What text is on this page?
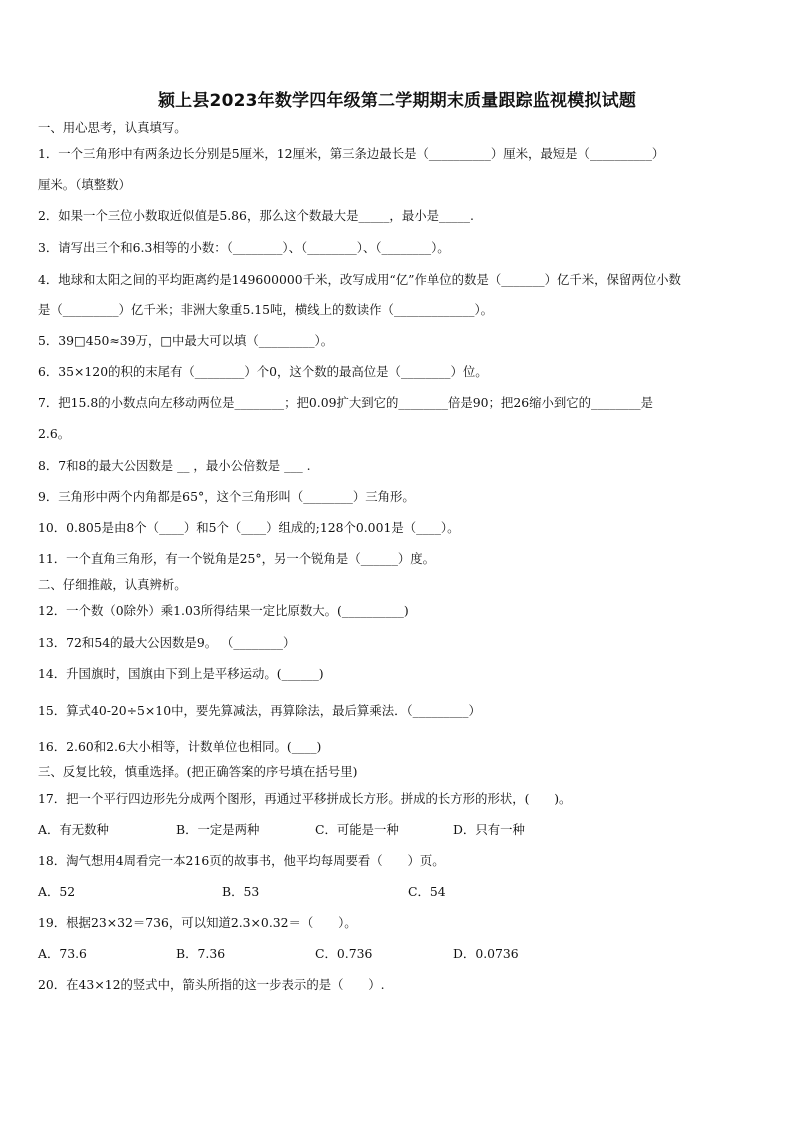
颍上县2023年数学四年级第二学期期末质量跟踪监视模拟试题
一、用心思考，认真填写。
1．一个三角形中有两条边长分别是5厘米，12厘米，第三条边最长是（__________）厘米，最短是（__________）
厘米。（填整数）
2．如果一个三位小数取近似值是5.86，那么这个数最大是_____，最小是_____.
3．请写出三个和6.3相等的小数：（________）、（________）、（________）。
4．地球和太阳之间的平均距离约是149600000千米，改写成用“亿”作单位的数是（_______）亿千米，保留两位小数
是（_________）亿千米；非洲大象重5.15吨，横线上的数读作（_____________）。
5．39□450≈39万，□中最大可以填（_________）。
6．35×120的积的末尾有（________）个0，这个数的最高位是（________）位。
7．把15.8的小数点向左移动两位是________；把0.09扩大到它的________倍是90；把26缩小到它的________是
2.6。
8．7和8的最大公因数是 __ ，最小公倍数是 ___ .
9．三角形中两个内角都是65°，这个三角形叫（________）三角形。
10．0.805是由8个（____）和5个（____）组成的;128个0.001是（____）。
11．一个直角三角形，有一个锐角是25°，另一个锐角是（______）度。
二、仔细推敲，认真辨析。
12．一个数（0除外）乘1.03所得结果一定比原数大。(__________)
13．72和54的最大公因数是9。 （________）
14．升国旗时，国旗由下到上是平移运动。(______)
15．算式40-20÷5×10中，要先算减法，再算除法，最后算乘法．（_________）
16．2.60和2.6大小相等，计数单位也相同。(____)
三、反复比较，慎重选择。(把正确答案的序号填在括号里)
17．把一个平行四边形先分成两个图形，再通过平移拼成长方形。拼成的长方形的形状，(　　)。
A．有无数种	B．一定是两种	C．可能是一种	D．只有一种
18．淘气想用4周看完一本216页的故事书，他平均每周要看（　　）页。
A．52	B．53	C．54
19．根据23×32＝736，可以知道2.3×0.32＝（　　）。
A．73.6	B．7.36	C．0.736	D．0.0736
20．在43×12的竖式中，箭头所指的这一步表示的是（　　）.
